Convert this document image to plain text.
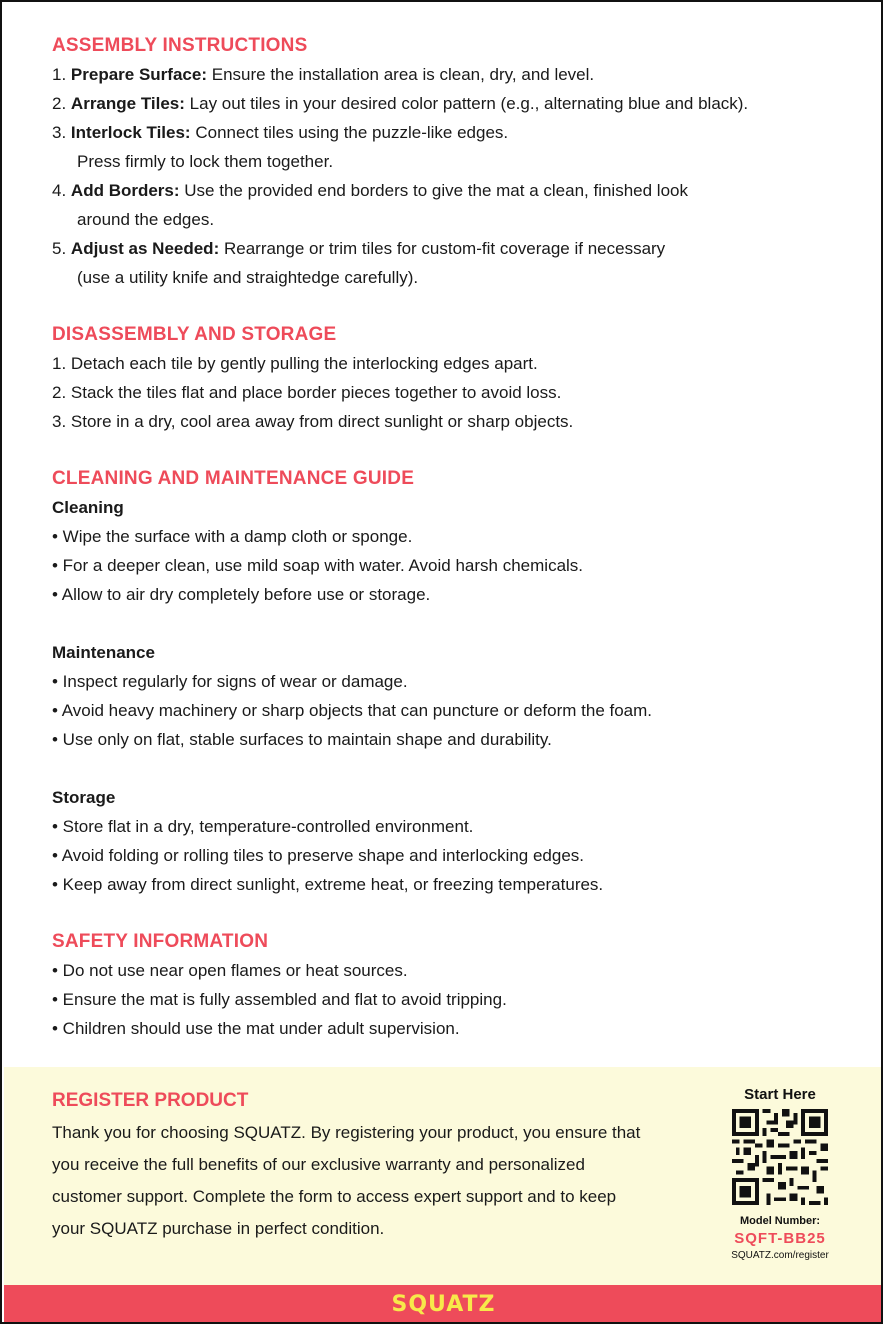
ASSEMBLY INSTRUCTIONS
1. Prepare Surface: Ensure the installation area is clean, dry, and level.
2. Arrange Tiles: Lay out tiles in your desired color pattern (e.g., alternating blue and black).
3. Interlock Tiles: Connect tiles using the puzzle-like edges.
Press firmly to lock them together.
4. Add Borders: Use the provided end borders to give the mat a clean, finished look
around the edges.
5. Adjust as Needed: Rearrange or trim tiles for custom-fit coverage if necessary
(use a utility knife and straightedge carefully).
DISASSEMBLY AND STORAGE
1. Detach each tile by gently pulling the interlocking edges apart.
2. Stack the tiles flat and place border pieces together to avoid loss.
3. Store in a dry, cool area away from direct sunlight or sharp objects.
CLEANING AND MAINTENANCE GUIDE
Cleaning
• Wipe the surface with a damp cloth or sponge.
• For a deeper clean, use mild soap with water. Avoid harsh chemicals.
• Allow to air dry completely before use or storage.
Maintenance
• Inspect regularly for signs of wear or damage.
• Avoid heavy machinery or sharp objects that can puncture or deform the foam.
• Use only on flat, stable surfaces to maintain shape and durability.
Storage
• Store flat in a dry, temperature-controlled environment.
• Avoid folding or rolling tiles to preserve shape and interlocking edges.
• Keep away from direct sunlight, extreme heat, or freezing temperatures.
SAFETY INFORMATION
• Do not use near open flames or heat sources.
• Ensure the mat is fully assembled and flat to avoid tripping.
• Children should use the mat under adult supervision.
REGISTER PRODUCT
Thank you for choosing SQUATZ. By registering your product, you ensure that
you receive the full benefits of our exclusive warranty and personalized
customer support. Complete the form to access expert support and to keep
your SQUATZ purchase in perfect condition.
Start Here
Model Number:
SQFT-BB25
SQUATZ.com/register
SQUATZ
